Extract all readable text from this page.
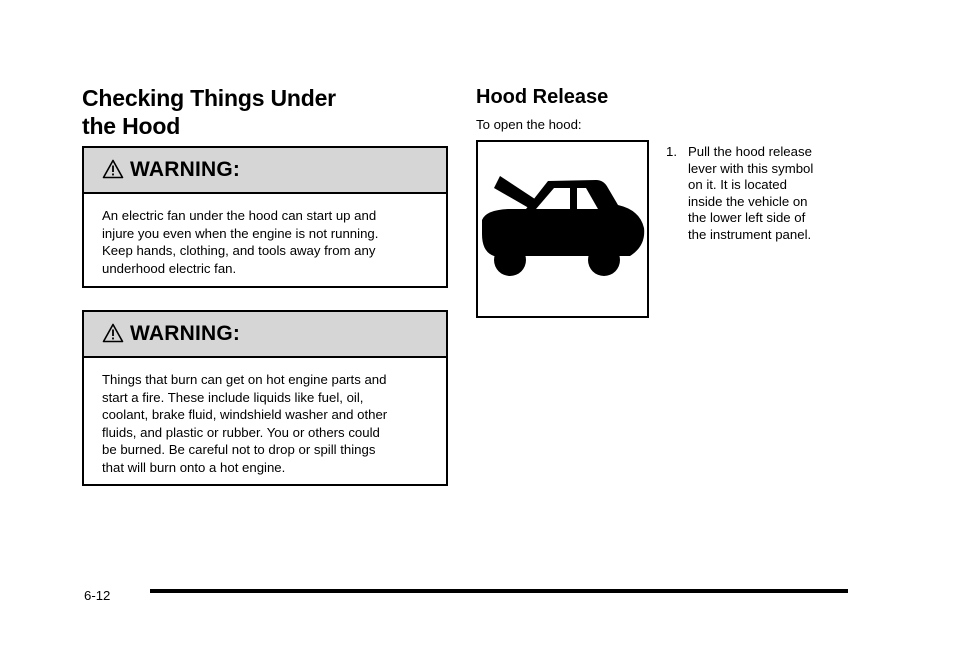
Checking Things Under
the Hood
WARNING:
An electric fan under the hood can start up and
injure you even when the engine is not running.
Keep hands, clothing, and tools away from any
underhood electric fan.
WARNING:
Things that burn can get on hot engine parts and
start a fire. These include liquids like fuel, oil,
coolant, brake fluid, windshield washer and other
fluids, and plastic or rubber. You or others could
be burned. Be careful not to drop or spill things
that will burn onto a hot engine.
Hood Release
To open the hood:
1. Pull the hood release
lever with this symbol
on it. It is located
inside the vehicle on
the lower left side of
the instrument panel.
6-12
